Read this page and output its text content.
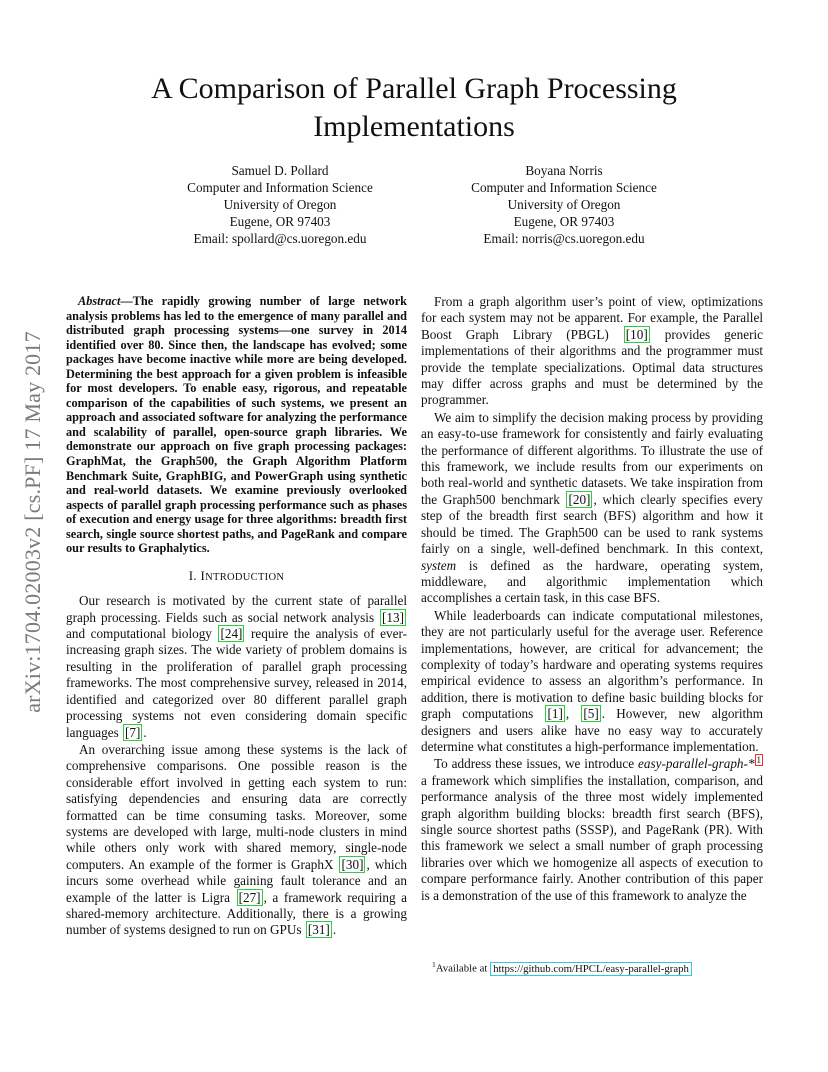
arXiv:1704.02003v2 [cs.PF] 17 May 2017
A Comparison of Parallel Graph Processing
Implementations
Samuel D. Pollard
Computer and Information Science
University of Oregon
Eugene, OR 97403
Email: spollard@cs.uoregon.edu
Boyana Norris
Computer and Information Science
University of Oregon
Eugene, OR 97403
Email: norris@cs.uoregon.edu

Abstract—The rapidly growing number of large network analysis problems has led to the emergence of many parallel and distributed graph processing systems—one survey in 2014 identified over 80. Since then, the landscape has evolved; some packages have become inactive while more are being developed. Determining the best approach for a given problem is infeasible for most developers. To enable easy, rigorous, and repeatable comparison of the capabilities of such systems, we present an approach and associated software for analyzing the performance and scalability of parallel, open-source graph libraries. We demonstrate our approach on five graph processing packages: GraphMat, the Graph500, the Graph Algorithm Platform Benchmark Suite, GraphBIG, and PowerGraph using synthetic and real-world datasets. We examine previously overlooked aspects of parallel graph processing performance such as phases of execution and energy usage for three algorithms: breadth first search, single source shortest paths, and PageRank and compare our results to Graphalytics.

I. INTRODUCTION

Our research is motivated by the current state of parallel graph processing. Fields such as social network analysis [13] and computational biology [24] require the analysis of ever-increasing graph sizes. The wide variety of problem domains is resulting in the proliferation of parallel graph processing frameworks. The most comprehensive survey, released in 2014, identified and categorized over 80 different parallel graph processing systems not even considering domain specific languages [7] .

An overarching issue among these systems is the lack of comprehensive comparisons. One possible reason is the considerable effort involved in getting each system to run: satisfying dependencies and ensuring data are correctly formatted can be time consuming tasks. Moreover, some systems are developed with large, multi-node clusters in mind while others only work with shared memory, single-node computers. An example of the former is GraphX [30] , which incurs some overhead while gaining fault tolerance and an example of the latter is Ligra [27] , a framework requiring a shared-memory architecture. Additionally, there is a growing number of systems designed to run on GPUs [31] .

From a graph algorithm user’s point of view, optimizations for each system may not be apparent. For example, the Parallel Boost Graph Library (PBGL) [10] provides generic implementations of their algorithms and the programmer must provide the template specializations. Optimal data structures may differ across graphs and must be determined by the programmer.

We aim to simplify the decision making process by providing an easy-to-use framework for consistently and fairly evaluating the performance of different algorithms. To illustrate the use of this framework, we include results from our experiments on both real-world and synthetic datasets. We take inspiration from the Graph500 benchmark [20] , which clearly specifies every step of the breadth first search (BFS) algorithm and how it should be timed. The Graph500 can be used to rank systems fairly on a single, well-defined benchmark. In this context, system is defined as the hardware, operating system, middleware, and algorithmic implementation which accomplishes a certain task, in this case BFS.

While leaderboards can indicate computational milestones, they are not particularly useful for the average user. Reference implementations, however, are critical for advancement; the complexity of today’s hardware and operating systems requires empirical evidence to assess an algorithm’s performance. In addition, there is motivation to define basic building blocks for graph computations [1] , [5] . However, new algorithm designers and users alike have no easy way to accurately determine what constitutes a high-performance implementation.

To address these issues, we introduce easy-parallel-graph-* $^1$ a framework which simplifies the installation, comparison, and performance analysis of the three most widely implemented graph algorithm building blocks: breadth first search (BFS), single source shortest paths (SSSP), and PageRank (PR). With this framework we select a small number of graph processing libraries over which we homogenize all aspects of execution to compare performance fairly. Another contribution of this paper is a demonstration of the use of this framework to analyze the

$^1$Available at https://github.com/HPCL/easy-parallel-graph
